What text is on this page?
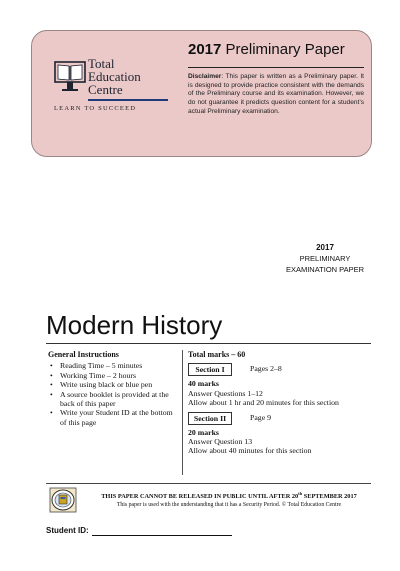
Total
Education
Centre
LEARN TO SUCCEED
2017 Preliminary Paper
Disclaimer: This paper is written as a Preliminary paper. It is designed to provide practice consistent with the demands of the Preliminary course and its examination. However, we do not guarantee it predicts question content for a student’s actual Preliminary examination.
2017
PRELIMINARY
EXAMINATION PAPER
Modern History
General Instructions
• Reading Time – 5 minutes
• Working Time – 2 hours
• Write using black or blue pen
• A source booklet is provided at the back of this paper
• Write your Student ID at the bottom of this page
Total marks – 60
Section I	Pages 2–8
40 marks
Answer Questions 1–12
Allow about 1 hr and 20 minutes for this section
Section II	Page 9
20 marks
Answer Question 13
Allow about 40 minutes for this section
THIS PAPER CANNOT BE RELEASED IN PUBLIC UNTIL AFTER 20th SEPTEMBER 2017
This paper is used with the understanding that it has a Security Period. © Total Education Centre
Student ID:
